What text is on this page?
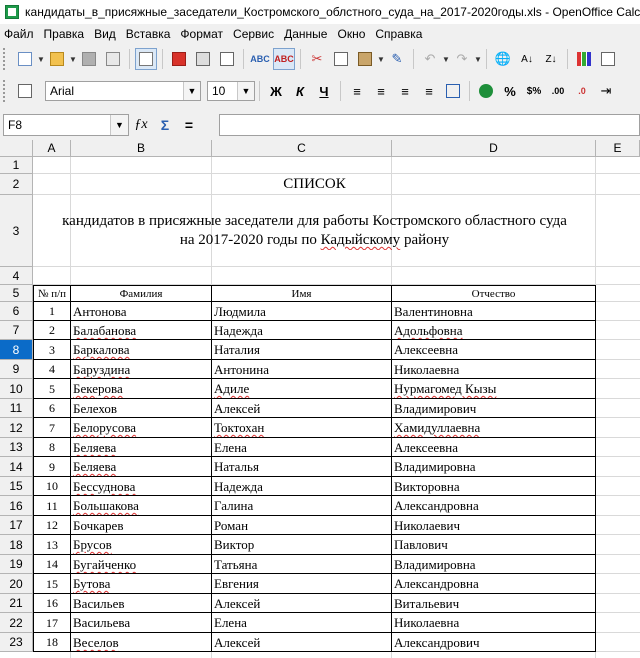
кандидаты_в_присяжные_заседатели_Костромского_облстного_суда_на_2017-2020годы.xls - OpenOffice Calc
Файл Правка Вид Вставка Формат Сервис Данные Окно Справка
▼	▼	ABC ABC	✂	▼ ✎	↶ ▼ ↷ ▼ 🌐	A↓	Z↓
Arial	▼	10	▼	Ж	К	Ч	≡	≡	≡	≡	%	$%	.00	.0	⇥
F8	▼ ƒx Σ	=
A	B	C	D	E
1
2
3
4
5
6
7
8
9
10
11
12
13
14
15
16
17
18
19
20
21
22
23
СПИСОК
кандидатов в присяжные заседатели для работы Костромского областного суда
на 2017-2020 годы по Кадыйскому району
№ п/п	Фамилия	Имя	Отчество
1	Антонова	Людмила	Валентиновна
2	Балабанова	Надежда	Адольфовна
3	Баркалова	Наталия	Алексеевна
4	Баруздина	Антонина	Николаевна
5	Бекерова	Адиле	Нурмагомед Кызы
6	Белехов	Алексей	Владимирович
7	Белорусова	Токтохан	Хамидуллаевна
8	Беляева	Елена	Алексеевна
9	Беляева	Наталья	Владимировна
10	Бессуднова	Надежда	Викторовна
11	Большакова	Галина	Александровна
12	Бочкарев	Роман	Николаевич
13	Брусов	Виктор	Павлович
14	Бугайченко	Татьяна	Владимировна
15	Бутова	Евгения	Александровна
16	Васильев	Алексей	Витальевич
17	Васильева	Елена	Николаевна
18	Веселов	Алексей	Александрович
